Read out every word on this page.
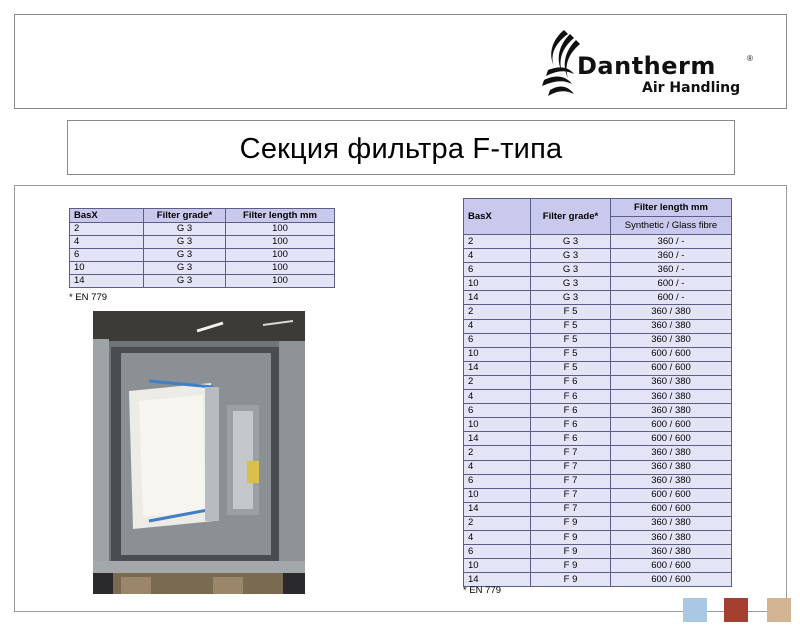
Dantherm	®
Air Handling
Секция фильтра F-типа
BasX	Filter grade*	Filter length mm
2	G 3	100
4	G 3	100
6	G 3	100
10	G 3	100
14	G 3	100
* EN 779
BasX	Filter grade*	Filter length mm
		Synthetic / Glass fibre
2	G 3	360 / -
4	G 3	360 / -
6	G 3	360 / -
10	G 3	600 / -
14	G 3	600 / -
2	F 5	360 / 380
4	F 5	360 / 380
6	F 5	360 / 380
10	F 5	600 / 600
14	F 5	600 / 600
2	F 6	360 / 380
4	F 6	360 / 380
6	F 6	360 / 380
10	F 6	600 / 600
14	F 6	600 / 600
2	F 7	360 / 380
4	F 7	360 / 380
6	F 7	360 / 380
10	F 7	600 / 600
14	F 7	600 / 600
2	F 9	360 / 380
4	F 9	360 / 380
6	F 9	360 / 380
10	F 9	600 / 600
14	F 9	600 / 600
* EN 779
